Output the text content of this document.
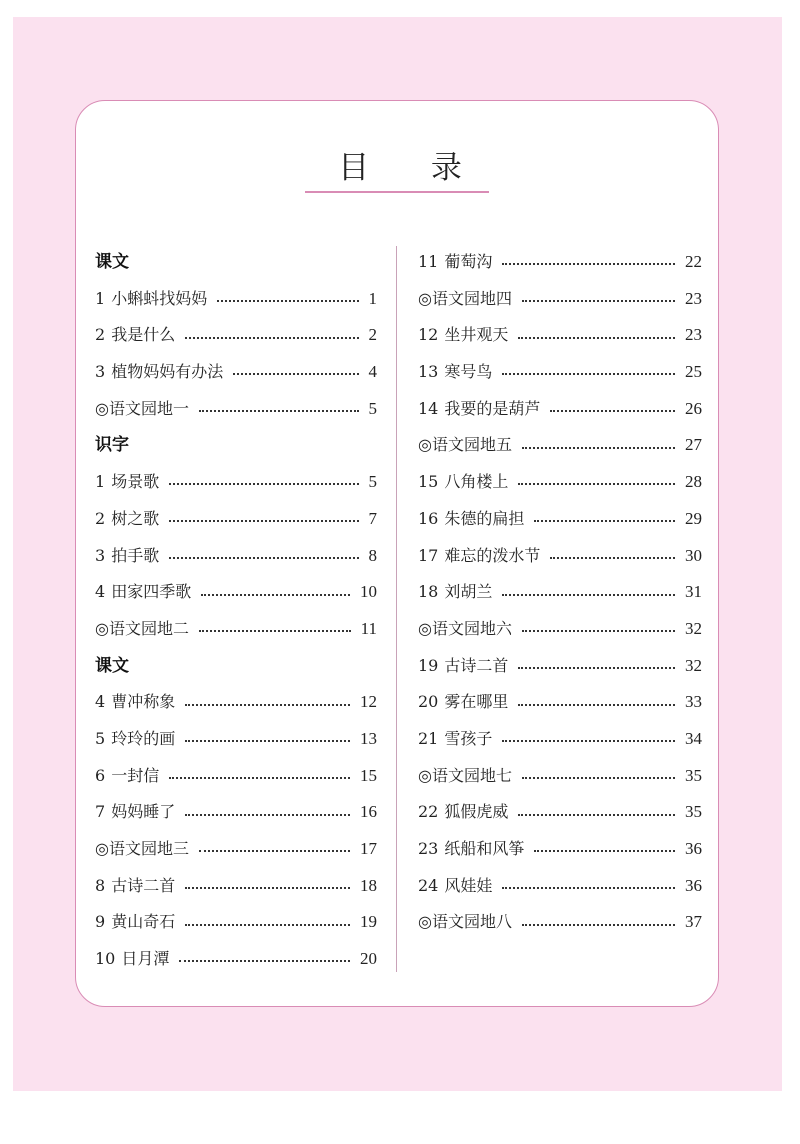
目 录
课文
1 小蝌蚪找妈妈	1
2 我是什么	2
3 植物妈妈有办法	4
◎语文园地一	5
识字
1 场景歌	5
2 树之歌	7
3 拍手歌	8
4 田家四季歌	10
◎语文园地二	11
课文
4 曹冲称象	12
5 玲玲的画	13
6 一封信	15
7 妈妈睡了	16
◎语文园地三	17
8 古诗二首	18
9 黄山奇石	19
10 日月潭	20
11 葡萄沟	22
◎语文园地四	23
12 坐井观天	23
13 寒号鸟	25
14 我要的是葫芦	26
◎语文园地五	27
15 八角楼上	28
16 朱德的扁担	29
17 难忘的泼水节	30
18 刘胡兰	31
◎语文园地六	32
19 古诗二首	32
20 雾在哪里	33
21 雪孩子	34
◎语文园地七	35
22 狐假虎威	35
23 纸船和风筝	36
24 风娃娃	36
◎语文园地八	37
